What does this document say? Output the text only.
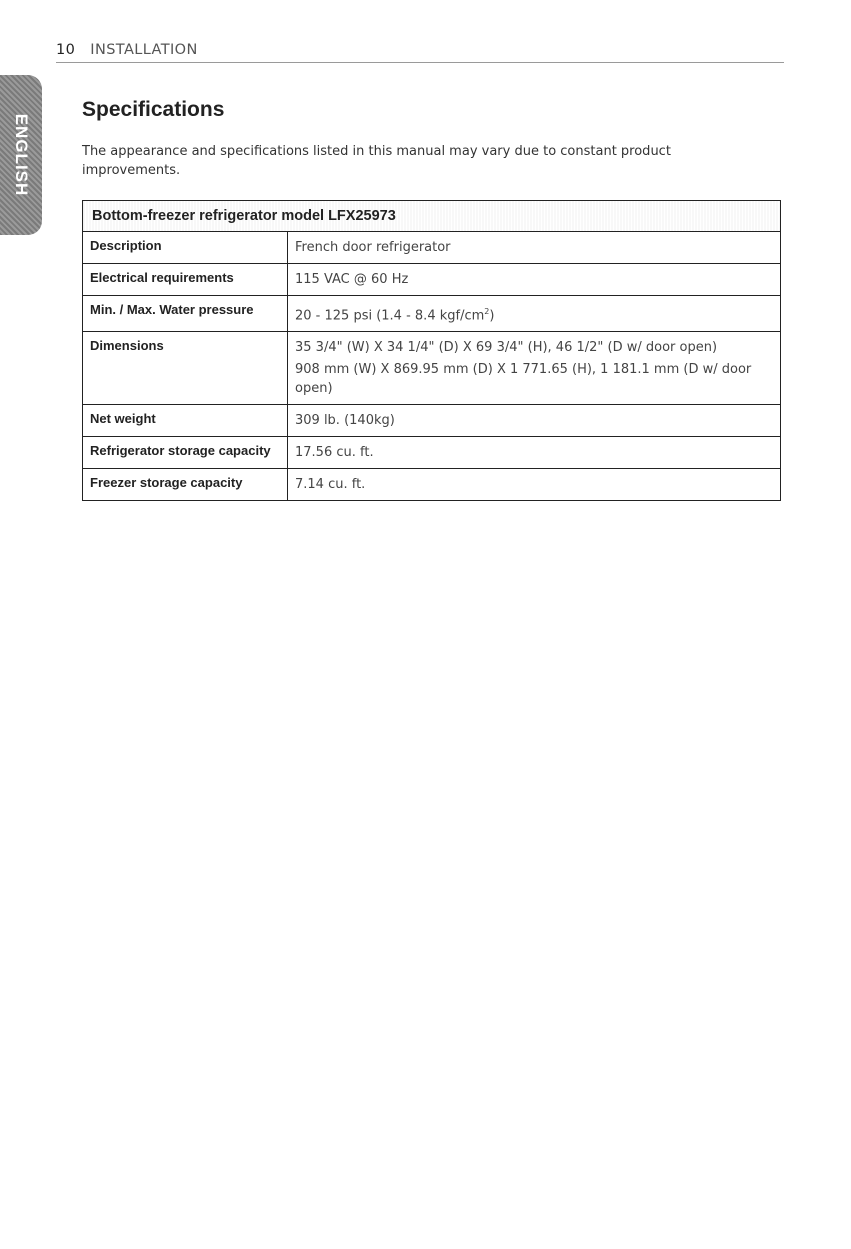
10 INSTALLATION
ENGLISH
Specifications

The appearance and specifications listed in this manual may vary due to constant product improvements.

Bottom-freezer refrigerator model LFX25973	
Description	French door refrigerator
Electrical requirements	115 VAC @ 60 Hz
Min. / Max. Water pressure	20 - 125 psi (1.4 - 8.4 kgf/$cm^2$)
Dimensions	35 3/4" (W) X 34 1/4" (D) X 69 3/4" (H), 46 1/2" (D w/ door open)
908 mm (W) X 869.95 mm (D) X 1 771.65 (H), 1 181.1 mm (D w/ door open)

Net weight	309 lb. (140kg)
Refrigerator storage capacity	17.56 cu. ft.
Freezer storage capacity	7.14 cu. ft.
